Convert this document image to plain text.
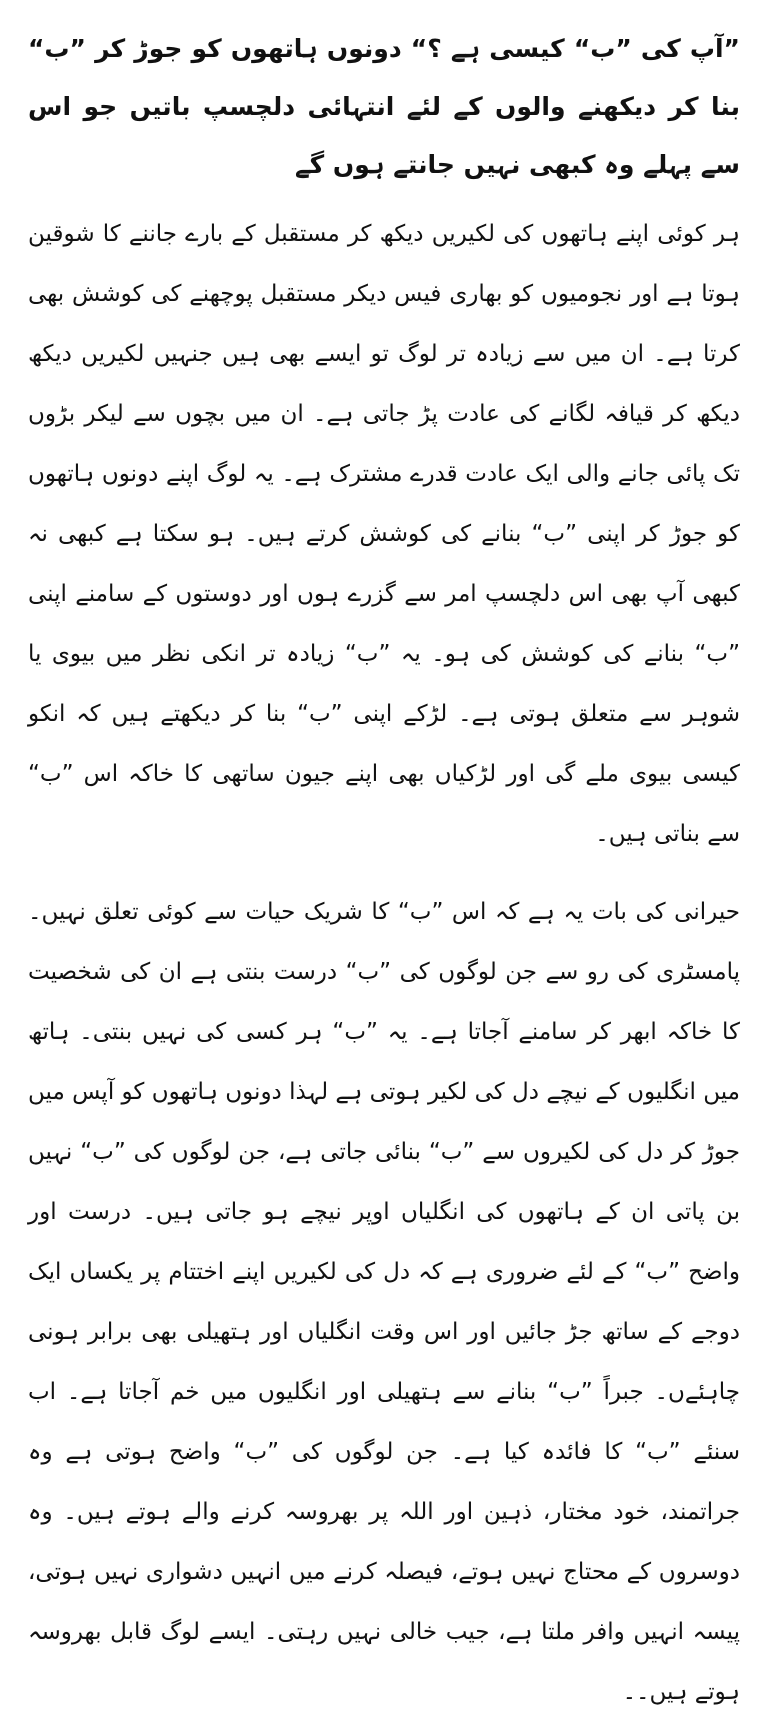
”آپ کی ”ب“ کیسی ہے ؟“ دونوں ہاتھوں کو جوڑ کر ”ب“ بنا کر دیکھنے والوں کے لئے انتہائی دلچسپ باتیں جو اس سے پہلے وہ کبھی نہیں جانتے ہوں گے

ہر کوئی اپنے ہاتھوں کی لکیریں دیکھ کر مستقبل کے بارے جاننے کا شوقین ہوتا ہے اور نجومیوں کو بھاری فیس دیکر مستقبل پوچھنے کی کوشش بھی کرتا ہے۔ ان میں سے زیادہ تر لوگ تو ایسے بھی ہیں جنہیں لکیریں دیکھ دیکھ کر قیافہ لگانے کی عادت پڑ جاتی ہے۔ ان میں بچوں سے لیکر بڑوں تک پائی جانے والی ایک عادت قدرے مشترک ہے۔ یہ لوگ اپنے دونوں ہاتھوں کو جوڑ کر اپنی ”ب“ بنانے کی کوشش کرتے ہیں۔ ہو سکتا ہے کبھی نہ کبھی آپ بھی اس دلچسپ امر سے گزرے ہوں اور دوستوں کے سامنے اپنی ”ب“ بنانے کی کوشش کی ہو۔ یہ ”ب“ زیادہ تر انکی نظر میں بیوی یا شوہر سے متعلق ہوتی ہے۔ لڑکے اپنی ”ب“ بنا کر دیکھتے ہیں کہ انکو کیسی بیوی ملے گی اور لڑکیاں بھی اپنے جیون ساتھی کا خاکہ اس ”ب“ سے بناتی ہیں۔

حیرانی کی بات یہ ہے کہ اس ”ب“ کا شریک حیات سے کوئی تعلق نہیں۔ پامسٹری کی رو سے جن لوگوں کی ”ب“ درست بنتی ہے ان کی شخصیت کا خاکہ ابھر کر سامنے آجاتا ہے۔ یہ ”ب“ ہر کسی کی نہیں بنتی۔ ہاتھ میں انگلیوں کے نیچے دل کی لکیر ہوتی ہے لہذا دونوں ہاتھوں کو آپس میں جوڑ کر دل کی لکیروں سے ”ب“ بنائی جاتی ہے، جن لوگوں کی ”ب“ نہیں بن پاتی ان کے ہاتھوں کی انگلیاں اوپر نیچے ہو جاتی ہیں۔ درست اور واضح ”ب“ کے لئے ضروری ہے کہ دل کی لکیریں اپنے اختتام پر یکساں ایک دوجے کے ساتھ جڑ جائیں اور اس وقت انگلیاں اور ہتھیلی بھی برابر ہونی چاہئےں۔ جبراً ”ب“ بنانے سے ہتھیلی اور انگلیوں میں خم آجاتا ہے۔ اب سنئے ”ب“ کا فائدہ کیا ہے۔ جن لوگوں کی ”ب“ واضح ہوتی ہے وہ جراتمند، خود مختار، ذہین اور اللہ پر بھروسہ کرنے والے ہوتے ہیں۔ وہ دوسروں کے محتاج نہیں ہوتے، فیصلہ کرنے میں انہیں دشواری نہیں ہوتی، پیسہ انہیں وافر ملتا ہے، جیب خالی نہیں رہتی۔ ایسے لوگ قابل بھروسہ ہوتے ہیں۔۔
